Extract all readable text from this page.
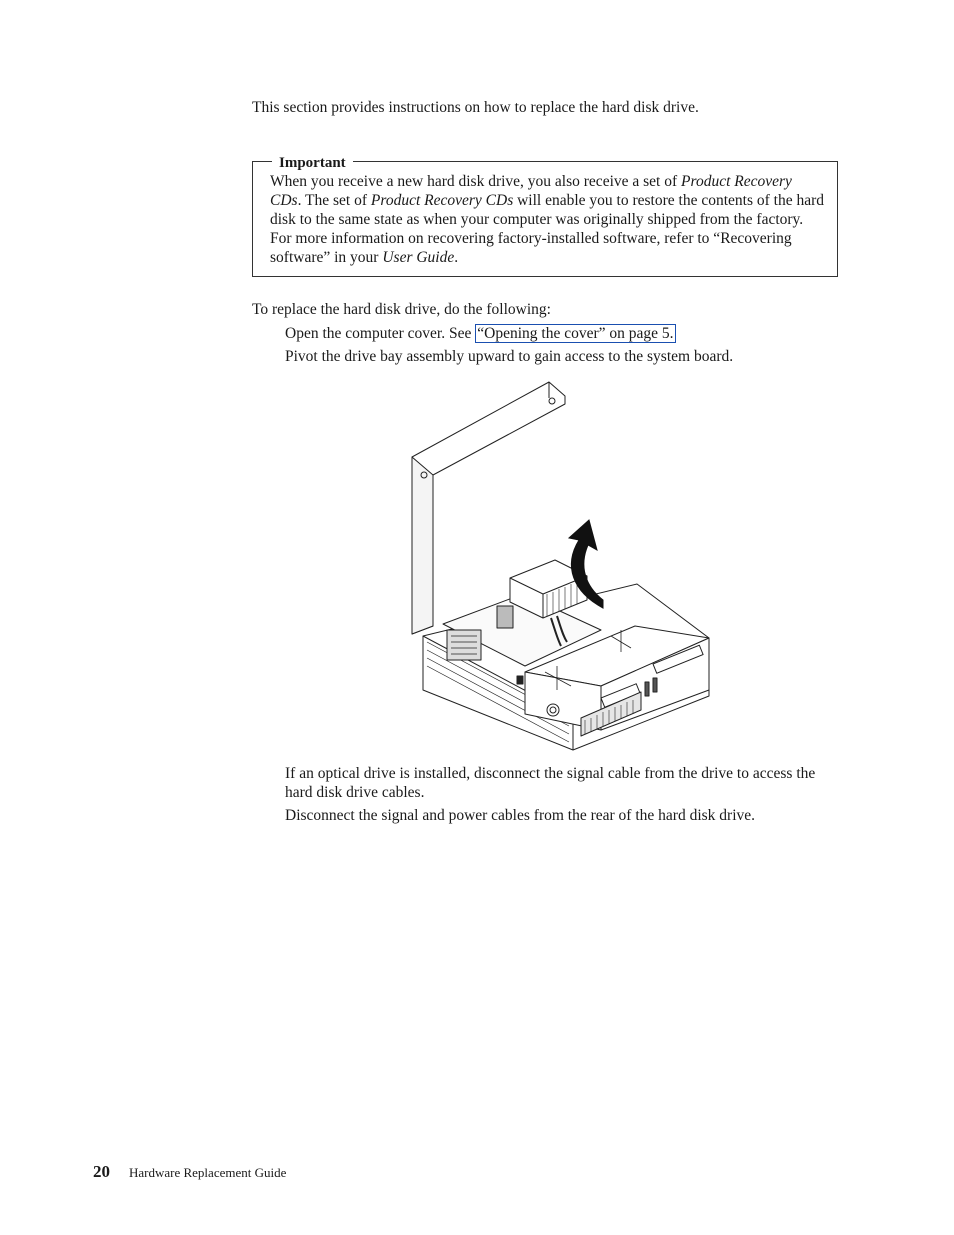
This section provides instructions on how to replace the hard disk drive.

Important

When you receive a new hard disk drive, you also receive a set of Product Recovery CDs. The set of Product Recovery CDs will enable you to restore the contents of the hard disk to the same state as when your computer was originally shipped from the factory. For more information on recovering factory-installed software, refer to “Recovering software” in your User Guide.

To replace the hard disk drive, do the following:

Open the computer cover. See “Opening the cover” on page 5.

Pivot the drive bay assembly upward to gain access to the system board.

If an optical drive is installed, disconnect the signal cable from the drive to access the hard disk drive cables.

Disconnect the signal and power cables from the rear of the hard disk drive.

20 Hardware Replacement Guide
